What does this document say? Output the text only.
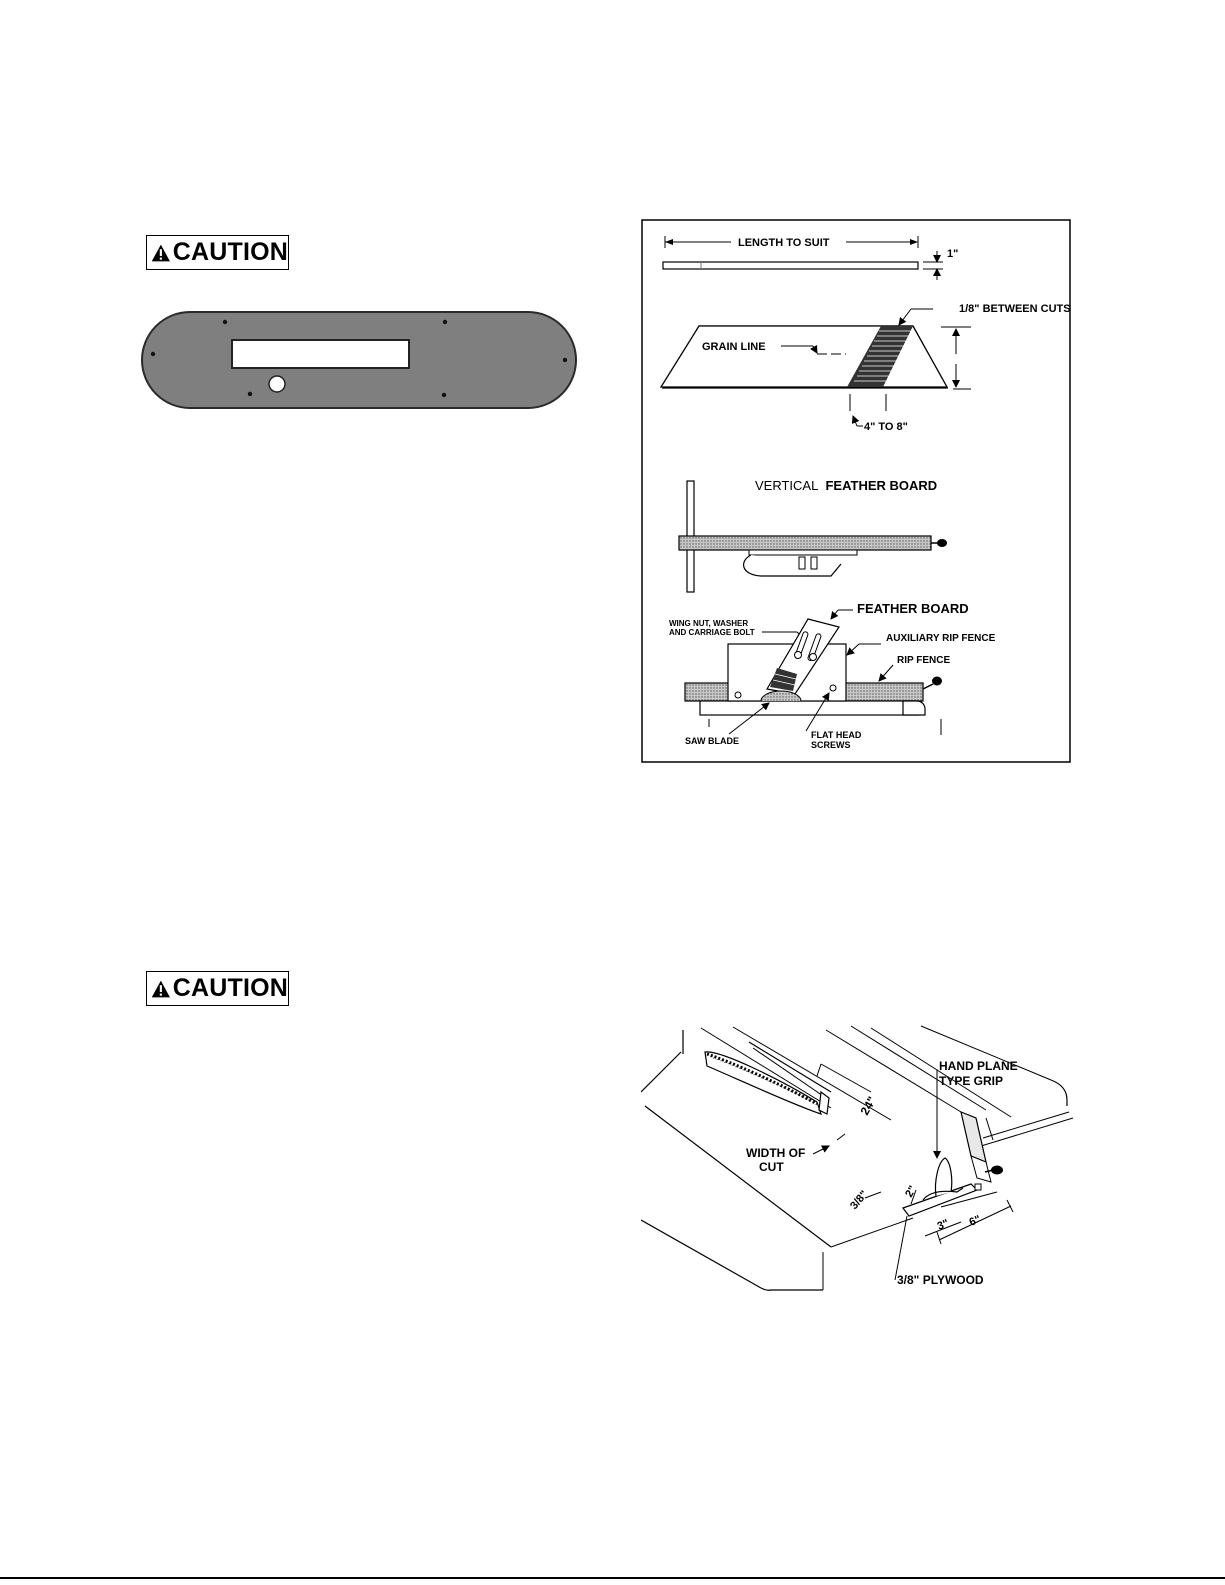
CAUTION	LENGTH TO SUIT
1"
1/8" BETWEEN CUTS
GRAIN LINE
4" TO 8"
VERTICAL FEATHER BOARD
FEATHER BOARD
WING NUT, WASHER
AND CARRIAGE BOLT
AUXILIARY RIP FENCE
RIP FENCE
SAW BLADE
FLAT HEAD
SCREWS
CAUTION
HAND PLANE
TYPE GRIP
WIDTH OF
CUT
24"
3/8"	2"
3" 6"
3/8" PLYWOOD
